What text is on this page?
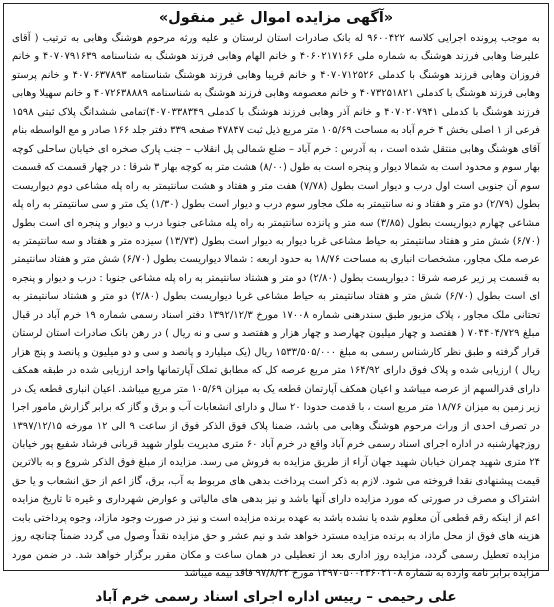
«آگهی مزایده اموال غیر منقول»

به موجب پرونده اجرایی کلاسه ۹۶۰۰۴۲۲ له بانک صادرات استان لرستان و علیه ورثه مرحوم هوشنگ وهابی به ترتیب ( آقای علیرضا وهابی فرزند هوشنگ به شماره ملی ۴۰۶۰۲۱۷۱۶۶ و خانم الهام وهابی فرزند هوشنگ به شناسنامه ۴۰۷۰۷۹۱۶۳۹ و خانم فروزان وهابی فرزند هوشنگ با کدملی ۴۰۷۰۷۱۲۵۲۶ و خانم فریبا وهابی فرزند هوشنگ شناسنامه ۴۰۷۰۶۳۷۸۹۳ و خانم پرستو وهابی فرزند هوشنگ با کدملی ۴۰۷۳۲۵۱۸۲۱ و خانم معصومه وهابی فرزند هوشنگ به شناسنامه ۴۰۷۲۶۳۸۸۸۹ و خانم سهیلا وهابی فرزند هوشنگ با کدملی ۴۰۷۰۲۰۷۹۴۱ و خانم آذر وهابی فرزند هوشنگ با کدملی ۴۰۷۰۳۳۸۳۴۹)تمامی ششدانگ پلاک ثبتی ۱۵۹۸ فرعی از ۱ اصلی بخش ۴ خرم آباد به مساحت ۱۰۵/۶۹ متر مربع ذیل ثبت ۴۷۸۴۷ صفحه ۳۳۹ دفتر جلد ۱۶۶ صادر و مع الواسطه بنام آقای هوشنگ وهابی منتقل شده است ، به آدرس : خرم آباد – ضلع شمالی پل انقلاب – جنب پارک صخره ای خیابان ساحلی کوچه بهار سوم و محدود است به شمالا دیوار و پنجره است به طول (۸/۰۰) هشت متر به کوچه بهار ۳ شرقا : در چهار قسمت که قسمت سوم آن جنوبی است اول درب و دیوار است بطول (۷/۷۸) هفت متر و هفتاد و هشت سانتیمتر به راه پله مشاعی دوم دیواریست بطول (۲/۷۹) دو متر و هفتاد و نه سانتیمتر به ملک مجاور سوم درب و دیوار است بطول (۱/۳۰) یک متر و سی سانتیمتر به راه پله مشاعی چهارم دیواریست بطول (۳/۸۵) سه متر و پانزده سانتیمتر به راه پله مشاعی جنوبا درب و دیوار و پنجره ای است بطول (۶/۷۰) شش متر و هفتاد سانتیمتر به حیاط مشاعی غربا دیوار به دیوار است بطول (۱۳/۷۳) سیزده متر و هفتاد و سه سانتیمتر به عرصه ملک مجاور، مشخصات انباری به مساحت ۱۸/۷۶ به حدود اربعه : شمالا دیواریست بطول (۶/۷۰) شش متر و هفتاد سانتیمتر به قسمت پر زیر عرصه شرقا : دیواریست بطول (۲/۸۰) دو متر و هشتاد سانتیمتر به راه پله مشاعی جنوبا : درب و دیوار و پنجره ای است بطول (۶/۷۰) شش متر و هفتاد سانتیمتر به حیاط مشاعی غربا دیواریست بطول (۲/۸۰) دو متر و هشتاد سانتیمتر به تحتانی ملک مجاور ، پلاک مزبور طبق سندرهنی شماره ۱۷۰۰۸ مورخ ۱۳۹۲/۱۲/۳ دفتر اسناد رسمی شماره ۱۹ خرم آباد در قبال مبلغ ۷۰۴۴۰۴/۷۲۹ ( هفتصد و چهار میلیون چهارصد و چهار هزار و هفتصد و سی و نه ریال ) در رهن بانک صادرات استان لرستان قرار گرفته و طبق نظر کارشناس رسمی به مبلغ ۱۵۳۳/۵۰۵/۰۰۰ ریال (یک میلیارد و پانصد و سی و دو میلیون و پانصد و پنج هزار ریال ) ارزیابی شده و پلاک فوق دارای ۱۶۴/۹۲ متر مربع عرصه کل که مطابق تملک آپارتمانها واحد ارزیابی شده در طبقه همکف دارای قدرالسهم از عرصه میباشد و اعیان همکف آپارتمان قطعه یک به میزان ۱۰۵/۶۹ متر مربع میباشد. اعیان انباری قطعه یک در زیر زمین به میزان ۱۸/۷۶ متر مربع است ، با قدمت حدودا ۲۰ سال و دارای انشعابات آب و برق و گاز که برابر گزارش مامور اجرا در تصرف احدی از وراث مرحوم هوشنگ وهابی می باشد، ضمنا پلاک فوق الذکر فوق از ساعت ۹ الی ۱۲ مورخه ۱۳۹۷/۱۲/۱۵ روزچهارشنبه در اداره اجرای اسناد رسمی خرم آباد واقع در خرم آباد ۶۰ متری مدیریت بلوار شهید قربانی فرشاد شفیع پور خیابان ۲۴ متری شهید چمران خیابان شهید جهان آراء از طریق مزایده به فروش می رسد. مزایده از مبلغ فوق الذکر شروع و به بالاترین قیمت پیشنهادی نقدا فروخته می شود. لازم به ذکر است پرداخت بدهی های مربوط به آب، برق، گاز اعم از حق انشعاب و یا حق اشتراک و مصرف در صورتی که مورد مزایده دارای آنها باشد و نیز بدهی های مالیاتی و عوارض شهرداری و غیره تا تاریخ مزایده اعم از اینکه رقم قطعی آن معلوم شده یا نشده باشد به عهده برنده مزایده است و نیز در صورت وجود مازاد، وجوه پرداختی بابت هزینه های فوق از محل مازاد به برنده مزایده مسترد خواهد شد و نیم عشر و حق مزایده نقداً وصول می گردد ضمناً چنانچه روز مزایده تعطیل رسمی گردد، مزایده روز اداری بعد از تعطیلی در همان ساعت و مکان مقرر برگزار خواهد شد. در ضمن مورد مزایده برابر نامه وارده به شماره ۱۳۹۷۰۵۰۰۲۳۶۰۲۱۰۸ مورخ ۹۷/۸/۲۲ فاقد بیمه میباشد

علی رحیمی – رییس اداره اجرای اسناد رسمی خرم آباد
